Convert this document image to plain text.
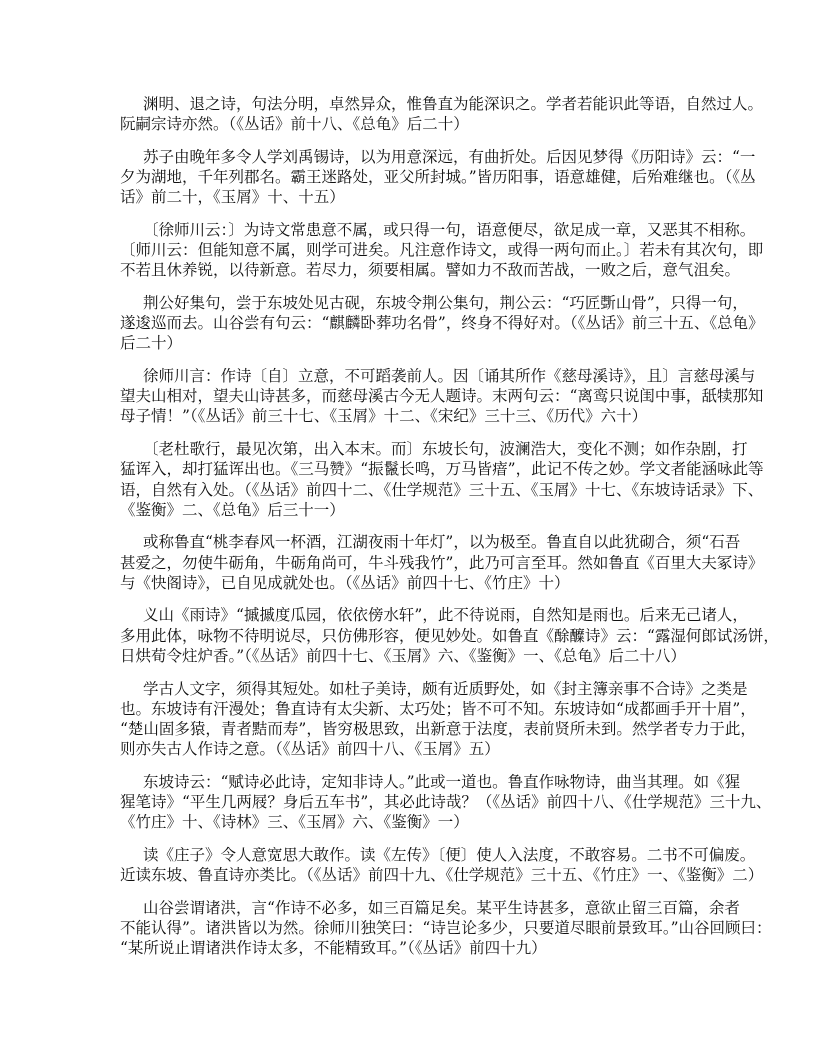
渊明、退之诗，句法分明，卓然异众，惟鲁直为能深识之。学者若能识此等语，自然过人。
阮嗣宗诗亦然。（《丛话》前十八、《总龟》后二十）
苏子由晚年多令人学刘禹锡诗，以为用意深远，有曲折处。后因见梦得《历阳诗》云：“一
夕为湖地，千年列郡名。霸王迷路处，亚父所封城。”皆历阳事，语意雄健，后殆难继也。（《丛
话》前二十，《玉屑》十、十五）
〔徐师川云：〕为诗文常患意不属，或只得一句，语意便尽，欲足成一章，又恶其不相称。
〔师川云：但能知意不属，则学可进矣。凡注意作诗文，或得一两句而止。〕若未有其次句，即
不若且休养锐，以待新意。若尽力，须要相属。譬如力不敌而苦战，一败之后，意气沮矣。
荆公好集句，尝于东坡处见古砚，东坡令荆公集句，荆公云：“巧匠斲山骨”，只得一句，
遂逡巡而去。山谷尝有句云：“麒麟卧葬功名骨”，终身不得好对。（《丛话》前三十五、《总龟》
后二十）
徐师川言：作诗〔自〕立意，不可蹈袭前人。因〔诵其所作《慈母溪诗》，且〕言慈母溪与
望夫山相对，望夫山诗甚多，而慈母溪古今无人题诗。末两句云：“离鸾只说闺中事，舐犊那知
母子情！”（《丛话》前三十七、《玉屑》十二、《宋纪》三十三、《历代》六十）
〔老杜歌行，最见次第，出入本末。而〕东坡长句，波澜浩大，变化不测；如作杂剧，打
猛诨入，却打猛诨出也。《三马赞》“振鬣长鸣，万马皆瘖”，此记不传之妙。学文者能涵咏此等
语，自然有入处。（《丛话》前四十二、《仕学规范》三十五、《玉屑》十七、《东坡诗话录》下、
《鉴衡》二、《总龟》后三十一）
或称鲁直“桃李春风一杯酒，江湖夜雨十年灯”，以为极至。鲁直自以此犹砌合，须“石吾
甚爱之，勿使牛砺角，牛砺角尚可，牛斗残我竹”，此乃可言至耳。然如鲁直《百里大夫冢诗》
与《快阁诗》，已自见成就处也。（《丛话》前四十七、《竹庄》十）
义山《雨诗》“摵摵度瓜园，依依傍水轩”，此不待说雨，自然知是雨也。后来无己诸人，
多用此体，咏物不待明说尽，只仿佛形容，便见妙处。如鲁直《酴醾诗》云：“露湿何郎试汤饼，
日烘荀令炷炉香。”（《丛话》前四十七、《玉屑》六、《鉴衡》一、《总龟》后二十八）
学古人文字，须得其短处。如杜子美诗，颇有近质野处，如《封主簿亲事不合诗》之类是
也。东坡诗有汗漫处；鲁直诗有太尖新、太巧处；皆不可不知。东坡诗如“成都画手开十眉”，
“楚山固多猿，青者黠而寿”，皆穷极思致，出新意于法度，表前贤所未到。然学者专力于此，
则亦失古人作诗之意。（《丛话》前四十八、《玉屑》五）
东坡诗云：“赋诗必此诗，定知非诗人。”此或一道也。鲁直作咏物诗，曲当其理。如《猩
猩笔诗》“平生几两屐？身后五车书”，其必此诗哉？（《丛话》前四十八、《仕学规范》三十九、
《竹庄》十、《诗林》三、《玉屑》六、《鉴衡》一）
读《庄子》令人意宽思大敢作。读《左传》〔便〕使人入法度，不敢容易。二书不可偏废。
近读东坡、鲁直诗亦类比。（《丛话》前四十九、《仕学规范》三十五、《竹庄》一、《鉴衡》二）
山谷尝谓诸洪，言“作诗不必多，如三百篇足矣。某平生诗甚多，意欲止留三百篇，余者
不能认得”。诸洪皆以为然。徐师川独笑曰：“诗岂论多少，只要道尽眼前景致耳。”山谷回顾曰：
“某所说止谓诸洪作诗太多，不能精致耳。”（《丛话》前四十九）
